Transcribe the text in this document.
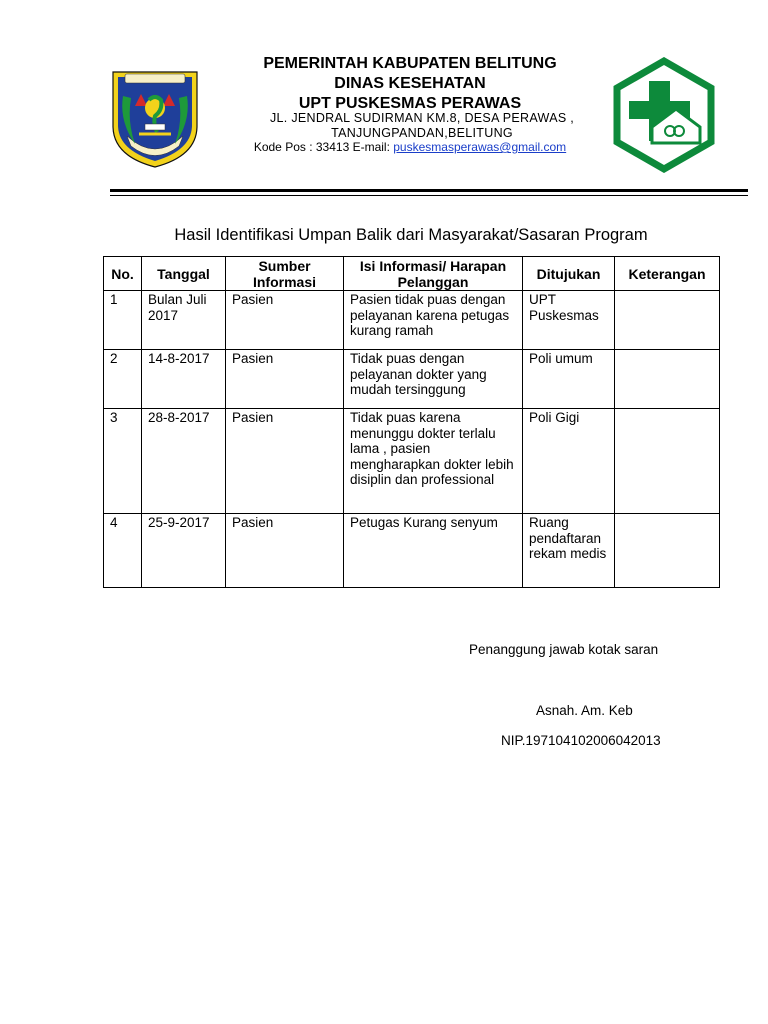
PEMERINTAH KABUPATEN BELITUNG
DINAS KESEHATAN
UPT PUSKESMAS PERAWAS
JL. JENDRAL SUDIRMAN KM.8, DESA PERAWAS ,
TANJUNGPANDAN,BELITUNG
Kode Pos : 33413 E-mail: puskesmasperawas@gmail.com
Hasil Identifikasi Umpan Balik dari Masyarakat/Sasaran Program
No.	Tanggal	Sumber Informasi	Isi Informasi/ Harapan Pelanggan	Ditujukan	Keterangan
1	Bulan Juli 2017	Pasien	Pasien tidak puas dengan pelayanan karena petugas kurang ramah	UPT Puskesmas	
2	14-8-2017	Pasien	Tidak puas dengan pelayanan dokter yang mudah tersinggung	Poli umum	
3	28-8-2017	Pasien	Tidak puas karena menunggu dokter terlalu lama , pasien mengharapkan dokter lebih disiplin dan professional	Poli Gigi	
4	25-9-2017	Pasien	Petugas Kurang senyum	Ruang pendaftaran rekam medis	
Penanggung jawab kotak saran
Asnah. Am. Keb
NIP.197104102006042013
